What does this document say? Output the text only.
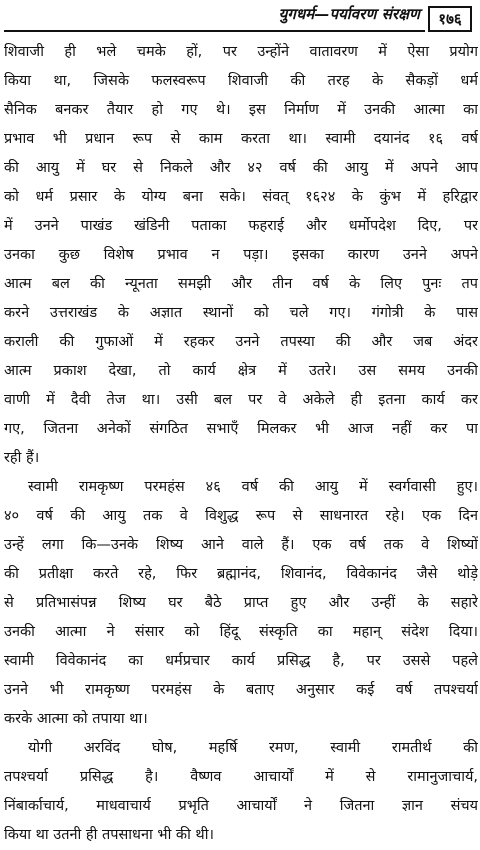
युगधर्म—पर्यावरण संरक्षण	१७६
शिवाजी ही भले चमके हों, पर उन्होंने वातावरण में ऐसा प्रयोग
किया था, जिसके फलस्वरूप शिवाजी की तरह के सैकड़ों धर्म
सैनिक बनकर तैयार हो गए थे। इस निर्माण में उनकी आत्मा का
प्रभाव भी प्रधान रूप से काम करता था। स्वामी दयानंद १६ वर्ष
की आयु में घर से निकले और ४२ वर्ष की आयु में अपने आप
को धर्म प्रसार के योग्य बना सके। संवत् १६२४ के कुंभ में हरिद्वार
में उनने पाखंड खंडिनी पताका फहराई और धर्मोपदेश दिए, पर
उनका कुछ विशेष प्रभाव न पड़ा। इसका कारण उनने अपने
आत्म बल की न्यूनता समझी और तीन वर्ष के लिए पुनः तप
करने उत्तराखंड के अज्ञात स्थानों को चले गए। गंगोत्री के पास
कराली की गुफाओं में रहकर उनने तपस्या की और जब अंदर
आत्म प्रकाश देखा, तो कार्य क्षेत्र में उतरे। उस समय उनकी
वाणी में दैवी तेज था। उसी बल पर वे अकेले ही इतना कार्य कर
गए, जितना अनेकों संगठित सभाएँ मिलकर भी आज नहीं कर पा
रही हैं।
स्वामी रामकृष्ण परमहंस ४६ वर्ष की आयु में स्वर्गवासी हुए।
४० वर्ष की आयु तक वे विशुद्ध रूप से साधनारत रहे। एक दिन
उन्हें लगा कि—उनके शिष्य आने वाले हैं। एक वर्ष तक वे शिष्यों
की प्रतीक्षा करते रहे, फिर ब्रह्मानंद, शिवानंद, विवेकानंद जैसे थोड़े
से प्रतिभासंपन्न शिष्य घर बैठे प्राप्त हुए और उन्हीं के सहारे
उनकी आत्मा ने संसार को हिंदू संस्कृति का महान् संदेश दिया।
स्वामी विवेकानंद का धर्मप्रचार कार्य प्रसिद्ध है, पर उससे पहले
उनने भी रामकृष्ण परमहंस के बताए अनुसार कई वर्ष तपश्चर्या
करके आत्मा को तपाया था।
योगी अरविंद घोष, महर्षि रमण, स्वामी रामतीर्थ की
तपश्चर्या प्रसिद्ध है। वैष्णव आचार्यों में से रामानुजाचार्य,
निंबार्काचार्य, माधवाचार्य प्रभृति आचार्यों ने जितना ज्ञान संचय
किया था उतनी ही तपसाधना भी की थी।
